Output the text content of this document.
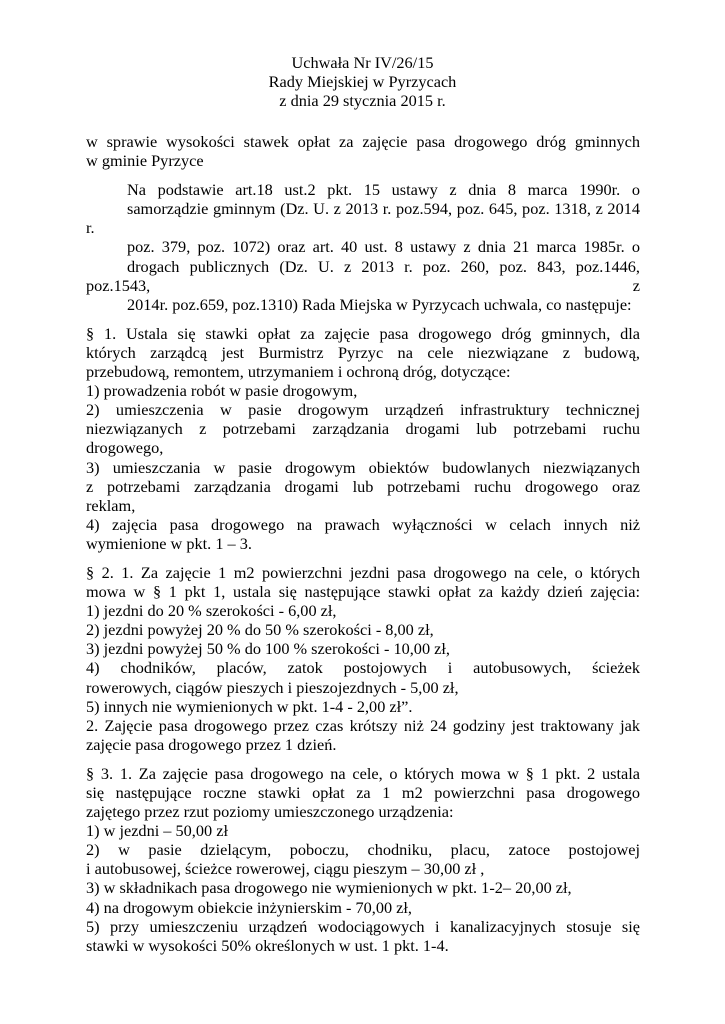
Uchwała Nr IV/26/15
Rady Miejskiej w Pyrzycach
z dnia 29 stycznia 2015 r.

w sprawie wysokości stawek opłat za zajęcie pasa drogowego dróg gminnych
w gminie Pyrzyce

Na podstawie art.18 ust.2 pkt. 15 ustawy z dnia 8 marca 1990r. o
samorządzie gminnym (Dz. U. z 2013 r. poz.594, poz. 645, poz. 1318, z 2014 r.
poz. 379, poz. 1072) oraz art. 40 ust. 8 ustawy z dnia 21 marca 1985r. o
drogach publicznych (Dz. U. z 2013 r. poz. 260, poz. 843, poz.1446, poz.1543, z
2014r. poz.659, poz.1310) Rada Miejska w Pyrzycach uchwala, co następuje:

§ 1. Ustala się stawki opłat za zajęcie pasa drogowego dróg gminnych, dla
których zarządcą jest Burmistrz Pyrzyc na cele niezwiązane z budową,
przebudową, remontem, utrzymaniem i ochroną dróg, dotyczące:
1) prowadzenia robót w pasie drogowym,
2) umieszczenia w pasie drogowym urządzeń infrastruktury technicznej
niezwiązanych z potrzebami zarządzania drogami lub potrzebami ruchu
drogowego,
3) umieszczania w pasie drogowym obiektów budowlanych niezwiązanych
z potrzebami zarządzania drogami lub potrzebami ruchu drogowego oraz
reklam,
4) zajęcia pasa drogowego na prawach wyłączności w celach innych niż
wymienione w pkt. 1 – 3.

§ 2. 1. Za zajęcie 1 m2 powierzchni jezdni pasa drogowego na cele, o których
mowa w § 1 pkt 1, ustala się następujące stawki opłat za każdy dzień zajęcia:
1) jezdni do 20 % szerokości - 6,00 zł,
2) jezdni powyżej 20 % do 50 % szerokości - 8,00 zł,
3) jezdni powyżej 50 % do 100 % szerokości - 10,00 zł,
4) chodników, placów, zatok postojowych i autobusowych, ścieżek
rowerowych, ciągów pieszych i pieszojezdnych - 5,00 zł,
5) innych nie wymienionych w pkt. 1-4 - 2,00 zł”.
2. Zajęcie pasa drogowego przez czas krótszy niż 24 godziny jest traktowany jak
zajęcie pasa drogowego przez 1 dzień.

§ 3. 1. Za zajęcie pasa drogowego na cele, o których mowa w § 1 pkt. 2 ustala
się następujące roczne stawki opłat za 1 m2 powierzchni pasa drogowego
zajętego przez rzut poziomy umieszczonego urządzenia:
1) w jezdni – 50,00 zł
2) w pasie dzielącym, poboczu, chodniku, placu, zatoce postojowej
i autobusowej, ścieżce rowerowej, ciągu pieszym – 30,00 zł ,
3) w składnikach pasa drogowego nie wymienionych w pkt. 1-2– 20,00 zł,
4) na drogowym obiekcie inżynierskim - 70,00 zł,
5) przy umieszczeniu urządzeń wodociągowych i kanalizacyjnych stosuje się
stawki w wysokości 50% określonych w ust. 1 pkt. 1-4.
